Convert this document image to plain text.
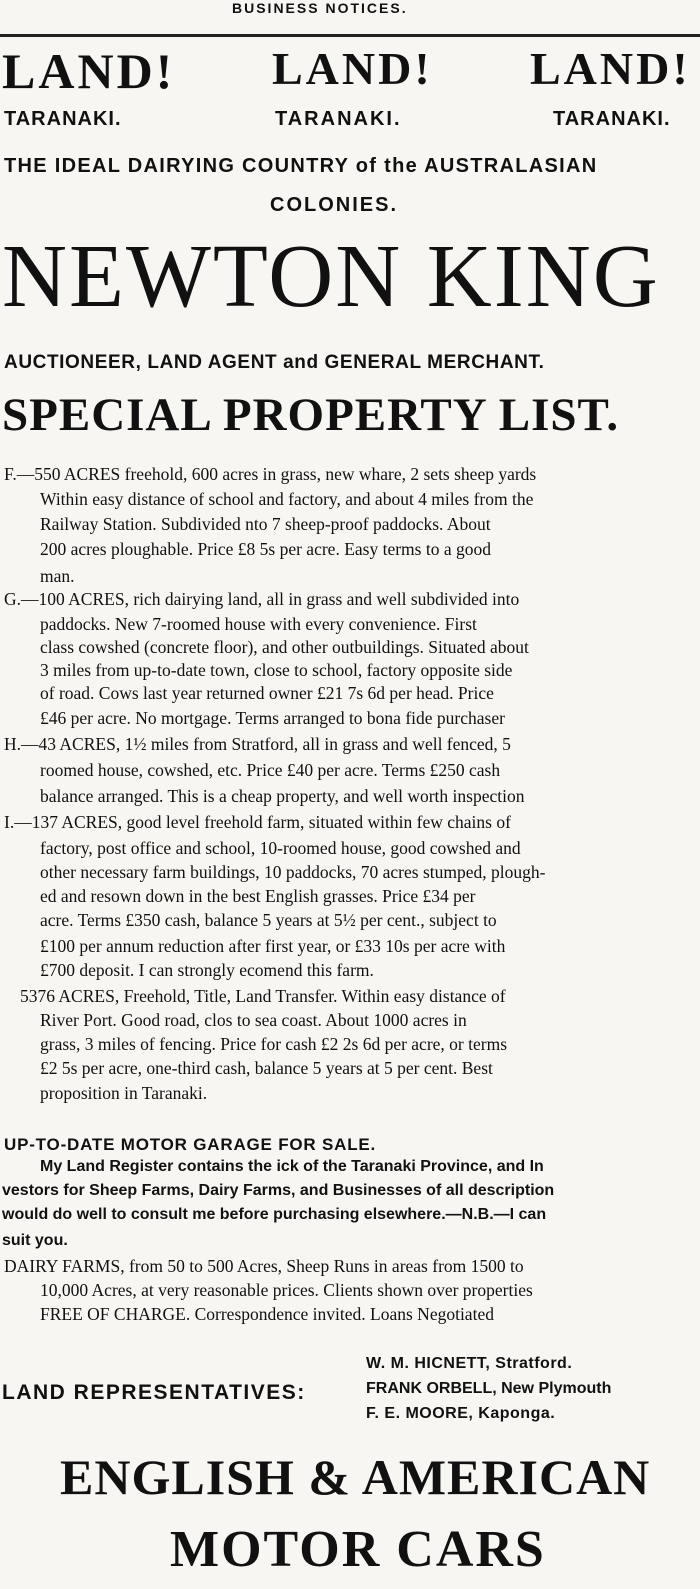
BUSINESS NOTICES.
LAND! LAND! LAND!
TARANAKI.	TARANAKI.	TARANAKI.
THE IDEAL DAIRYING COUNTRY of the AUSTRALASIAN
COLONIES.
NEWTON KING
AUCTIONEER, LAND AGENT and GENERAL MERCHANT.
SPECIAL PROPERTY LIST.
F.—550 ACRES freehold, 600 acres in grass, new whare, 2 sets sheep yards
Within easy distance of school and factory, and about 4 miles from the
Railway Station. Subdivided nto 7 sheep-proof paddocks. About
200 acres ploughable. Price £8 5s per acre. Easy terms to a good
man.
G.—100 ACRES, rich dairying land, all in grass and well subdivided into
paddocks. New 7-roomed house with every convenience. First
class cowshed (concrete floor), and other outbuildings. Situated about
3 miles from up-to-date town, close to school, factory opposite side
of road. Cows last year returned owner £21 7s 6d per head. Price
£46 per acre. No mortgage. Terms arranged to bona fide purchaser
H.—43 ACRES, 1½ miles from Stratford, all in grass and well fenced, 5
roomed house, cowshed, etc. Price £40 per acre. Terms £250 cash
balance arranged. This is a cheap property, and well worth inspection
I.—137 ACRES, good level freehold farm, situated within few chains of
factory, post office and school, 10-roomed house, good cowshed and
other necessary farm buildings, 10 paddocks, 70 acres stumped, plough-
ed and resown down in the best English grasses. Price £34 per
acre. Terms £350 cash, balance 5 years at 5½ per cent., subject to
£100 per annum reduction after first year, or £33 10s per acre with
£700 deposit. I can strongly ecomend this farm.
5376 ACRES, Freehold, Title, Land Transfer. Within easy distance of
River Port. Good road, clos to sea coast. About 1000 acres in
grass, 3 miles of fencing. Price for cash £2 2s 6d per acre, or terms
£2 5s per acre, one-third cash, balance 5 years at 5 per cent. Best
proposition in Taranaki.
UP-TO-DATE MOTOR GARAGE FOR SALE.
My Land Register contains the ick of the Taranaki Province, and In
vestors for Sheep Farms, Dairy Farms, and Businesses of all description
would do well to consult me before purchasing elsewhere.—N.B.—I can
suit you.
DAIRY FARMS, from 50 to 500 Acres, Sheep Runs in areas from 1500 to
10,000 Acres, at very reasonable prices. Clients shown over properties
FREE OF CHARGE. Correspondence invited. Loans Negotiated
LAND REPRESENTATIVES:
W. M. HICNETT, Stratford.
FRANK ORBELL, New Plymouth
F. E. MOORE, Kaponga.
ENGLISH & AMERICAN
MOTOR CARS
